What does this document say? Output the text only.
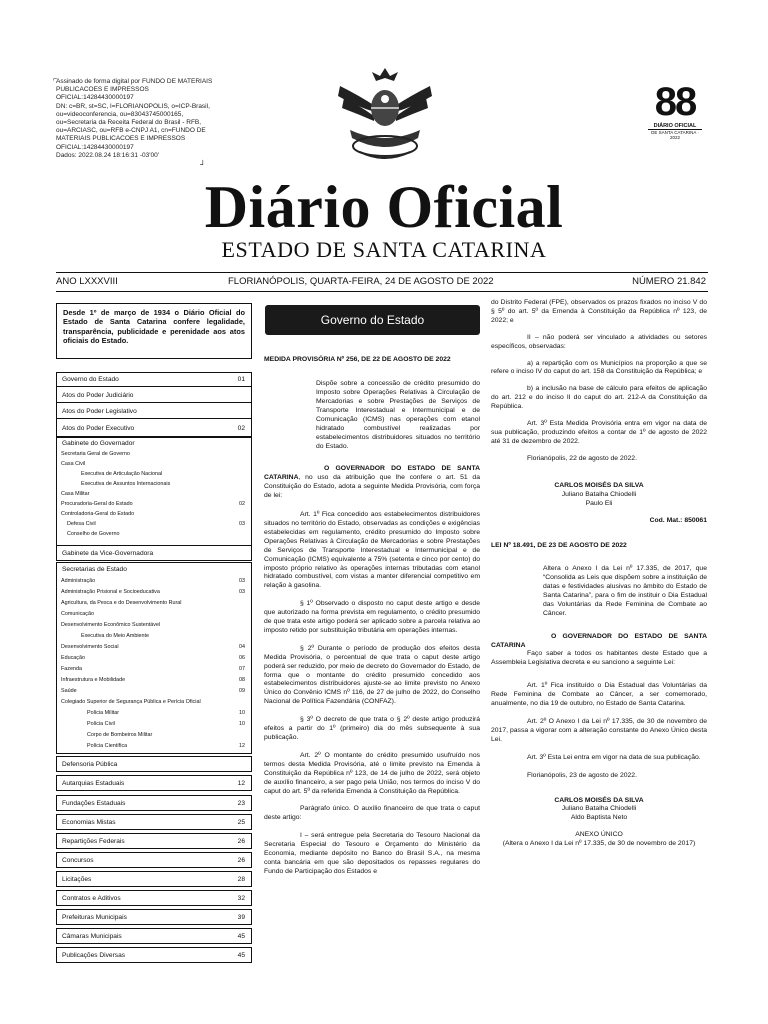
⌐
Assinado de forma digital por FUNDO DE MATERIAIS
PUBLICACOES E IMPRESSOS
OFICIAL:14284430000197
DN: c=BR, st=SC, l=FLORIANOPOLIS, o=ICP-Brasil,
ou=videoconferencia, ou=83043745000165,
ou=Secretaria da Receita Federal do Brasil - RFB,
ou=ARCIASC, ou=RFB e-CNPJ A1, cn=FUNDO DE
MATERIAIS PUBLICACOES E IMPRESSOS
OFICIAL:14284430000197
Dados: 2022.08.24 18:16:31 -03'00'
┘
88
DIÁRIO OFICIAL
DE SANTA CATARINA · 2022
Diário Oficial
ESTADO DE SANTA CATARINA
ANO LXXXVIII	FLORIANÓPOLIS, QUARTA-FEIRA, 24 DE AGOSTO DE 2022	NÚMERO 21.842
Desde 1º de março de 1934 o Diário Oficial do Estado de Santa Catarina confere legalidade, transparência, publicidade e perenidade aos atos oficiais do Estado.
Governo do Estado	01
Atos do Poder Judiciário
Atos do Poder Legislativo
Atos do Poder Executivo	02
Gabinete do Governador
Secretaria Geral de Governo
Casa Civil
Executiva de Articulação Nacional
Executiva de Assuntos Internacionais
Casa Militar
Procuradoria-Geral do Estado	02
Controladoria-Geral do Estado
Defesa Civil	03
Conselho de Governo
Gabinete da Vice-Governadora
Secretarias de Estado
Administração	03
Administração Prisional e Socioeducativa	03
Agricultura, da Pesca e do Desenvolvimento Rural
Comunicação
Desenvolvimento Econômico Sustentável
Executiva do Meio Ambiente
Desenvolvimento Social	04
Educação	06
Fazenda	07
Infraestrutura e Mobilidade	08
Saúde	09
Colegiado Superior de Segurança Pública e Perícia Oficial
Polícia Militar	10
Polícia Civil	10
Corpo de Bombeiros Militar
Polícia Científica	12
Defensoria Pública
Autarquias Estaduais	12
Fundações Estaduais	23
Economias Mistas	25
Repartições Federais	26
Concursos	26
Licitações	28
Contratos e Aditivos	32
Prefeituras Municipais	39
Câmaras Municipais	45
Publicações Diversas	45
Governo do Estado

MEDIDA PROVISÓRIA Nº 256, DE 22 DE AGOSTO DE 2022

Dispõe sobre a concessão de crédito presumido do Imposto sobre Operações Relativas à Circulação de Mercadorias e sobre Prestações de Serviços de Transporte Interestadual e Intermunicipal e de Comunicação (ICMS) nas operações com etanol hidratado combustível realizadas por estabelecimentos distribuidores situados no território do Estado.

O GOVERNADOR DO ESTADO DE SANTA CATARINA, no uso da atribuição que lhe confere o art. 51 da Constituição do Estado, adota a seguinte Medida Provisória, com força de lei:

Art. 1º Fica concedido aos estabelecimentos distribuidores situados no território do Estado, observadas as condições e exigências estabelecidas em regulamento, crédito presumido do Imposto sobre Operações Relativas à Circulação de Mercadorias e sobre Prestações de Serviços de Transporte Interestadual e Intermunicipal e de Comunicação (ICMS) equivalente a 75% (setenta e cinco por cento) do imposto próprio relativo às operações internas tributadas com etanol hidratado combustível, com vistas a manter diferencial competitivo em relação à gasolina.

§ 1º Observado o disposto no caput deste artigo e desde que autorizado na forma prevista em regulamento, o crédito presumido de que trata este artigo poderá ser aplicado sobre a parcela relativa ao imposto retido por substituição tributária em operações internas.

§ 2º Durante o período de produção dos efeitos desta Medida Provisória, o percentual de que trata o caput deste artigo poderá ser reduzido, por meio de decreto do Governador do Estado, de forma que o montante do crédito presumido concedido aos estabelecimentos distribuidores ajuste-se ao limite previsto no Anexo Único do Convênio ICMS nº 116, de 27 de julho de 2022, do Conselho Nacional de Política Fazendária (CONFAZ).

§ 3º O decreto de que trata o § 2º deste artigo produzirá efeitos a partir do 1º (primeiro) dia do mês subsequente à sua publicação.

Art. 2º O montante do crédito presumido usufruído nos termos desta Medida Provisória, até o limite previsto na Emenda à Constituição da República nº 123, de 14 de julho de 2022, será objeto de auxílio financeiro, a ser pago pela União, nos termos do inciso V do caput do art. 5º da referida Emenda à Constituição da República.

Parágrafo único. O auxílio financeiro de que trata o caput deste artigo:

I – será entregue pela Secretaria do Tesouro Nacional da Secretaria Especial do Tesouro e Orçamento do Ministério da Economia, mediante depósito no Banco do Brasil S.A., na mesma conta bancária em que são depositados os repasses regulares do Fundo de Participação dos Estados e

do Distrito Federal (FPE), observados os prazos fixados no inciso V do § 5º do art. 5º da Emenda à Constituição da República nº 123, de 2022; e

II – não poderá ser vinculado a atividades ou setores específicos, observadas:

a) a repartição com os Municípios na proporção a que se refere o inciso IV do caput do art. 158 da Constituição da República; e

b) a inclusão na base de cálculo para efeitos de aplicação do art. 212 e do inciso II do caput do art. 212-A da Constituição da República.

Art. 3º Esta Medida Provisória entra em vigor na data de sua publicação, produzindo efeitos a contar de 1º de agosto de 2022 até 31 de dezembro de 2022.

Florianópolis, 22 de agosto de 2022.

CARLOS MOISÉS DA SILVA

Juliano Batalha Chiodelli

Paulo Eli

Cod. Mat.: 850061

LEI Nº 18.491, DE 23 DE AGOSTO DE 2022

Altera o Anexo I da Lei nº 17.335, de 2017, que “Consolida as Leis que dispõem sobre a instituição de datas e festividades alusivas no âmbito do Estado de Santa Catarina”, para o fim de instituir o Dia Estadual das Voluntárias da Rede Feminina de Combate ao Câncer.

O GOVERNADOR DO ESTADO DE SANTA CATARINA

Faço saber a todos os habitantes deste Estado que a Assembleia Legislativa decreta e eu sanciono a seguinte Lei:

Art. 1º Fica instituído o Dia Estadual das Voluntárias da Rede Feminina de Combate ao Câncer, a ser comemorado, anualmente, no dia 19 de outubro, no Estado de Santa Catarina.

Art. 2º O Anexo I da Lei nº 17.335, de 30 de novembro de 2017, passa a vigorar com a alteração constante do Anexo Único desta Lei.

Art. 3º Esta Lei entra em vigor na data de sua publicação.

Florianópolis, 23 de agosto de 2022.

CARLOS MOISÉS DA SILVA

Juliano Batalha Chiodelli

Aldo Baptista Neto

ANEXO ÚNICO

(Altera o Anexo I da Lei nº 17.335, de 30 de novembro de 2017)
